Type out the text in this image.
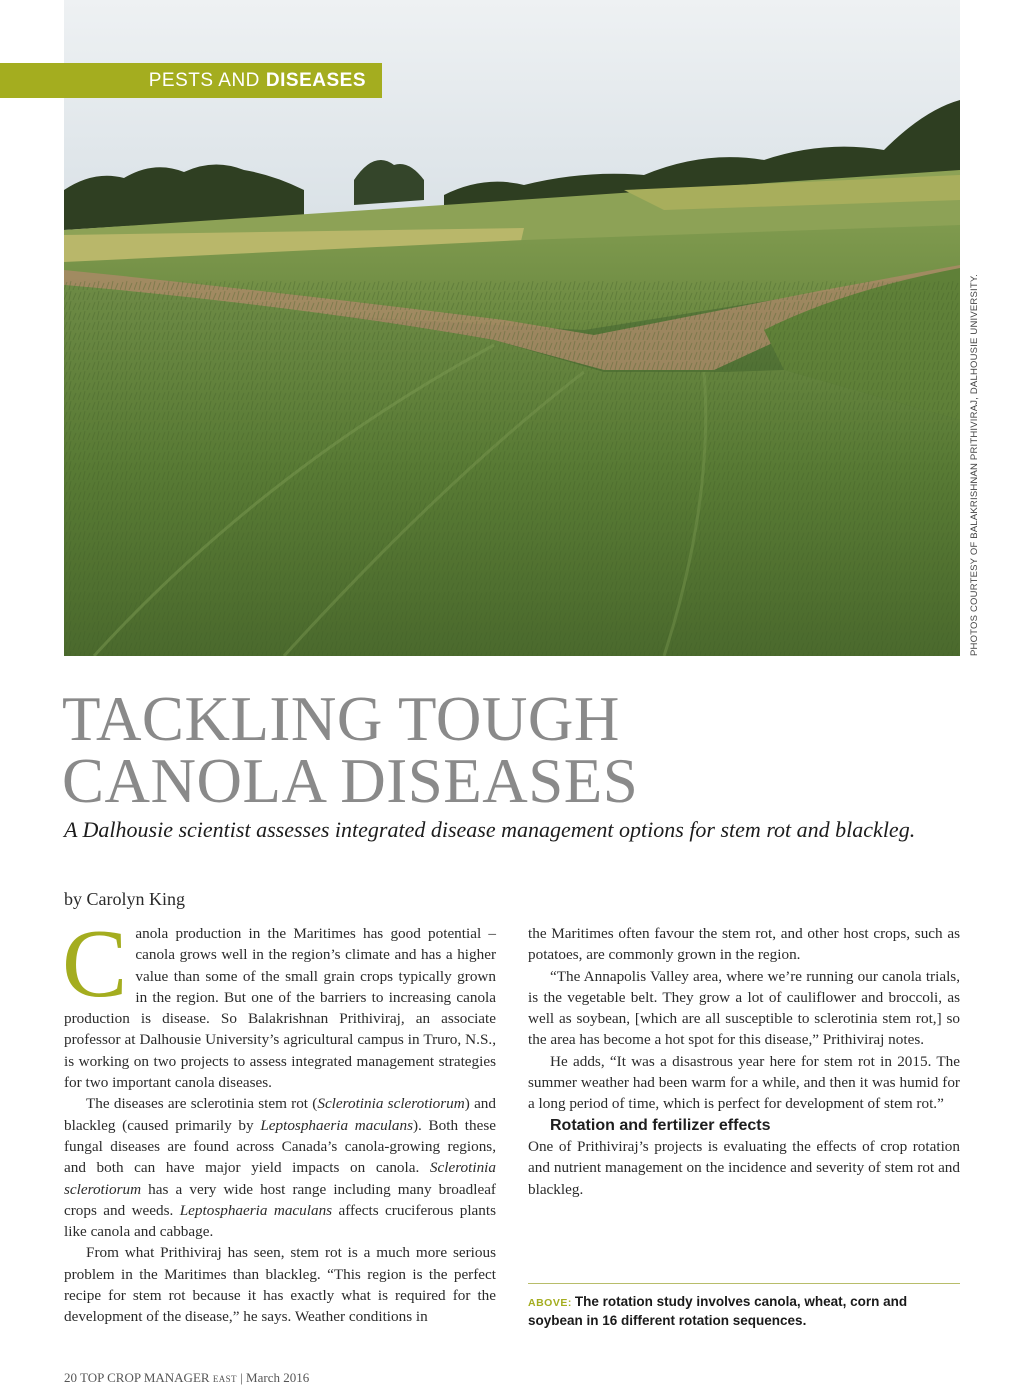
PESTS AND DISEASES
PHOTOS COURTESY OF BALAKRISHNAN PRITHIVIRAJ, DALHOUSIE UNIVERSITY.
TACKLING TOUGH
CANOLA DISEASES
A Dalhousie scientist assesses integrated disease management options for stem rot and blackleg.
by Carolyn King

Canola production in the Maritimes has good potential – canola grows well in the region’s climate and has a higher value than some of the small grain crops typically grown in the region. But one of the barriers to increasing canola production is disease. So Balakrishnan Prithiviraj, an associate professor at Dalhousie University’s agricultural campus in Truro, N.S., is working on two projects to assess integrated management strategies for two important canola diseases.

The diseases are sclerotinia stem rot (Sclerotinia sclerotiorum) and blackleg (caused primarily by Leptosphaeria maculans). Both these fungal diseases are found across Canada’s canola-growing regions, and both can have major yield impacts on canola. Sclerotinia sclerotiorum has a very wide host range including many broadleaf crops and weeds. Leptosphaeria maculans affects cruciferous plants like canola and cabbage.

From what Prithiviraj has seen, stem rot is a much more serious problem in the Maritimes than blackleg. “This region is the perfect recipe for stem rot because it has exactly what is required for the development of the disease,” he says. Weather conditions in

the Maritimes often favour the stem rot, and other host crops, such as potatoes, are commonly grown in the region.

“The Annapolis Valley area, where we’re running our canola trials, is the vegetable belt. They grow a lot of cauliflower and broccoli, as well as soybean, [which are all susceptible to sclerotinia stem rot,] so the area has become a hot spot for this disease,” Prithiviraj notes.

He adds, “It was a disastrous year here for stem rot in 2015. The summer weather had been warm for a while, and then it was humid for a long period of time, which is perfect for development of stem rot.”

Rotation and fertilizer effects

One of Prithiviraj’s projects is evaluating the effects of crop rotation and nutrient management on the incidence and severity of stem rot and blackleg.

ABOVE: The rotation study involves canola, wheat, corn and soybean in 16 different rotation sequences.
20 TOP CROP MANAGER EAST | March 2016
